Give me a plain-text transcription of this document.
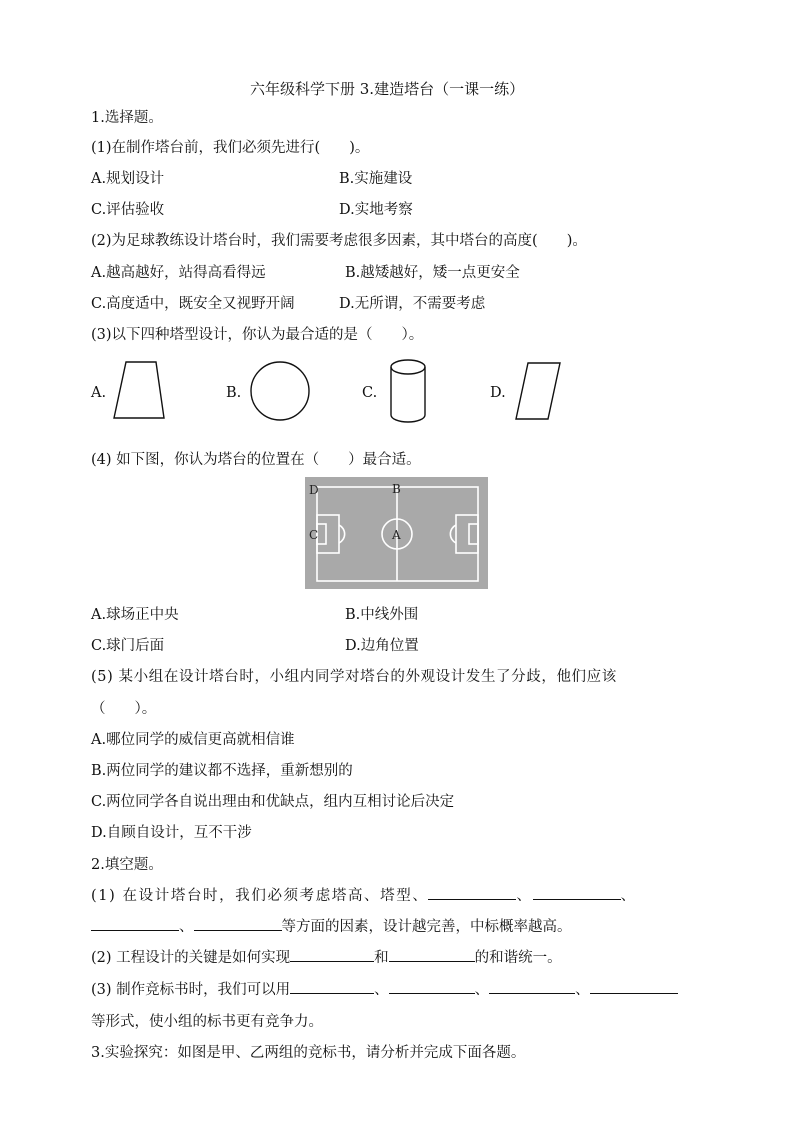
六年级科学下册 3.建造塔台（一课一练）
1.选择题。
(1)在制作塔台前，我们必须先进行(　　)。
A.规划设计	B.实施建设
C.评估验收	D.实地考察
(2)为足球教练设计塔台时，我们需要考虑很多因素，其中塔台的高度(　　)。
A.越高越好，站得高看得远	B.越矮越好，矮一点更安全
C.高度适中，既安全又视野开阔	D.无所谓，不需要考虑
(3)以下四种塔型设计，你认为最合适的是（　　）。
A.	B.	C.	D.
(4) 如下图，你认为塔台的位置在（　　）最合适。
D	B
C	A
A.球场正中央	B.中线外围
C.球门后面	D.边角位置
(5) 某小组在设计塔台时，小组内同学对塔台的外观设计发生了分歧，他们应该
（　　）。
A.哪位同学的威信更高就相信谁
B.两位同学的建议都不选择，重新想别的
C.两位同学各自说出理由和优缺点，组内互相讨论后决定
D.自顾自设计，互不干涉
2.填空题。
(1) 在设计塔台时，我们必须考虑塔高、塔型、	、	、
、	等方面的因素，设计越完善，中标概率越高。
(2) 工程设计的关键是如何实现	和	的和谐统一。
(3) 制作竞标书时，我们可以用	、	、	、
等形式，使小组的标书更有竞争力。
3.实验探究：如图是甲、乙两组的竞标书，请分析并完成下面各题。
